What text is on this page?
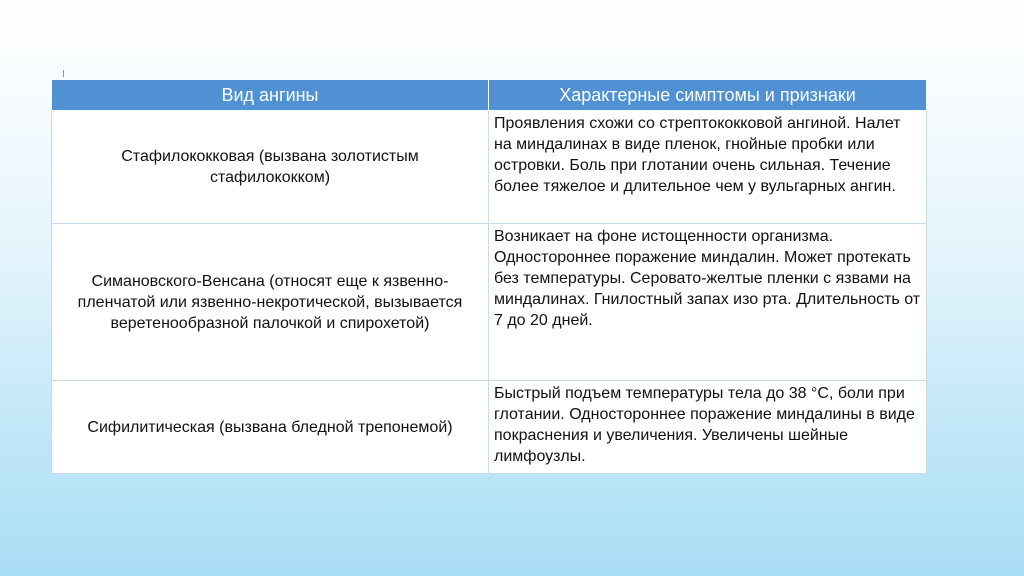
Вид ангины	Характерные симптомы и признаки
Стафилококковая (вызвана золотистым стафилококком)	Проявления схожи со стрептококковой ангиной. Налет на миндалинах в виде пленок, гнойные пробки или островки. Боль при глотании очень сильная. Течение более тяжелое и длительное чем у вульгарных ангин.
Симановского-Венсана (относят еще к язвенно-пленчатой или язвенно-некротической, вызывается веретенообразной палочкой и спирохетой)	Возникает на фоне истощенности организма. Одностороннее поражение миндалин. Может протекать без температуры. Серовато-желтые пленки с язвами на миндалинах. Гнилостный запах изо рта. Длительность от 7 до 20 дней.
Сифилитическая (вызвана бледной трепонемой)	Быстрый подъем температуры тела до 38 °С, боли при глотании. Одностороннее поражение миндалины в виде покраснения и увеличения. Увеличены шейные лимфоузлы.
